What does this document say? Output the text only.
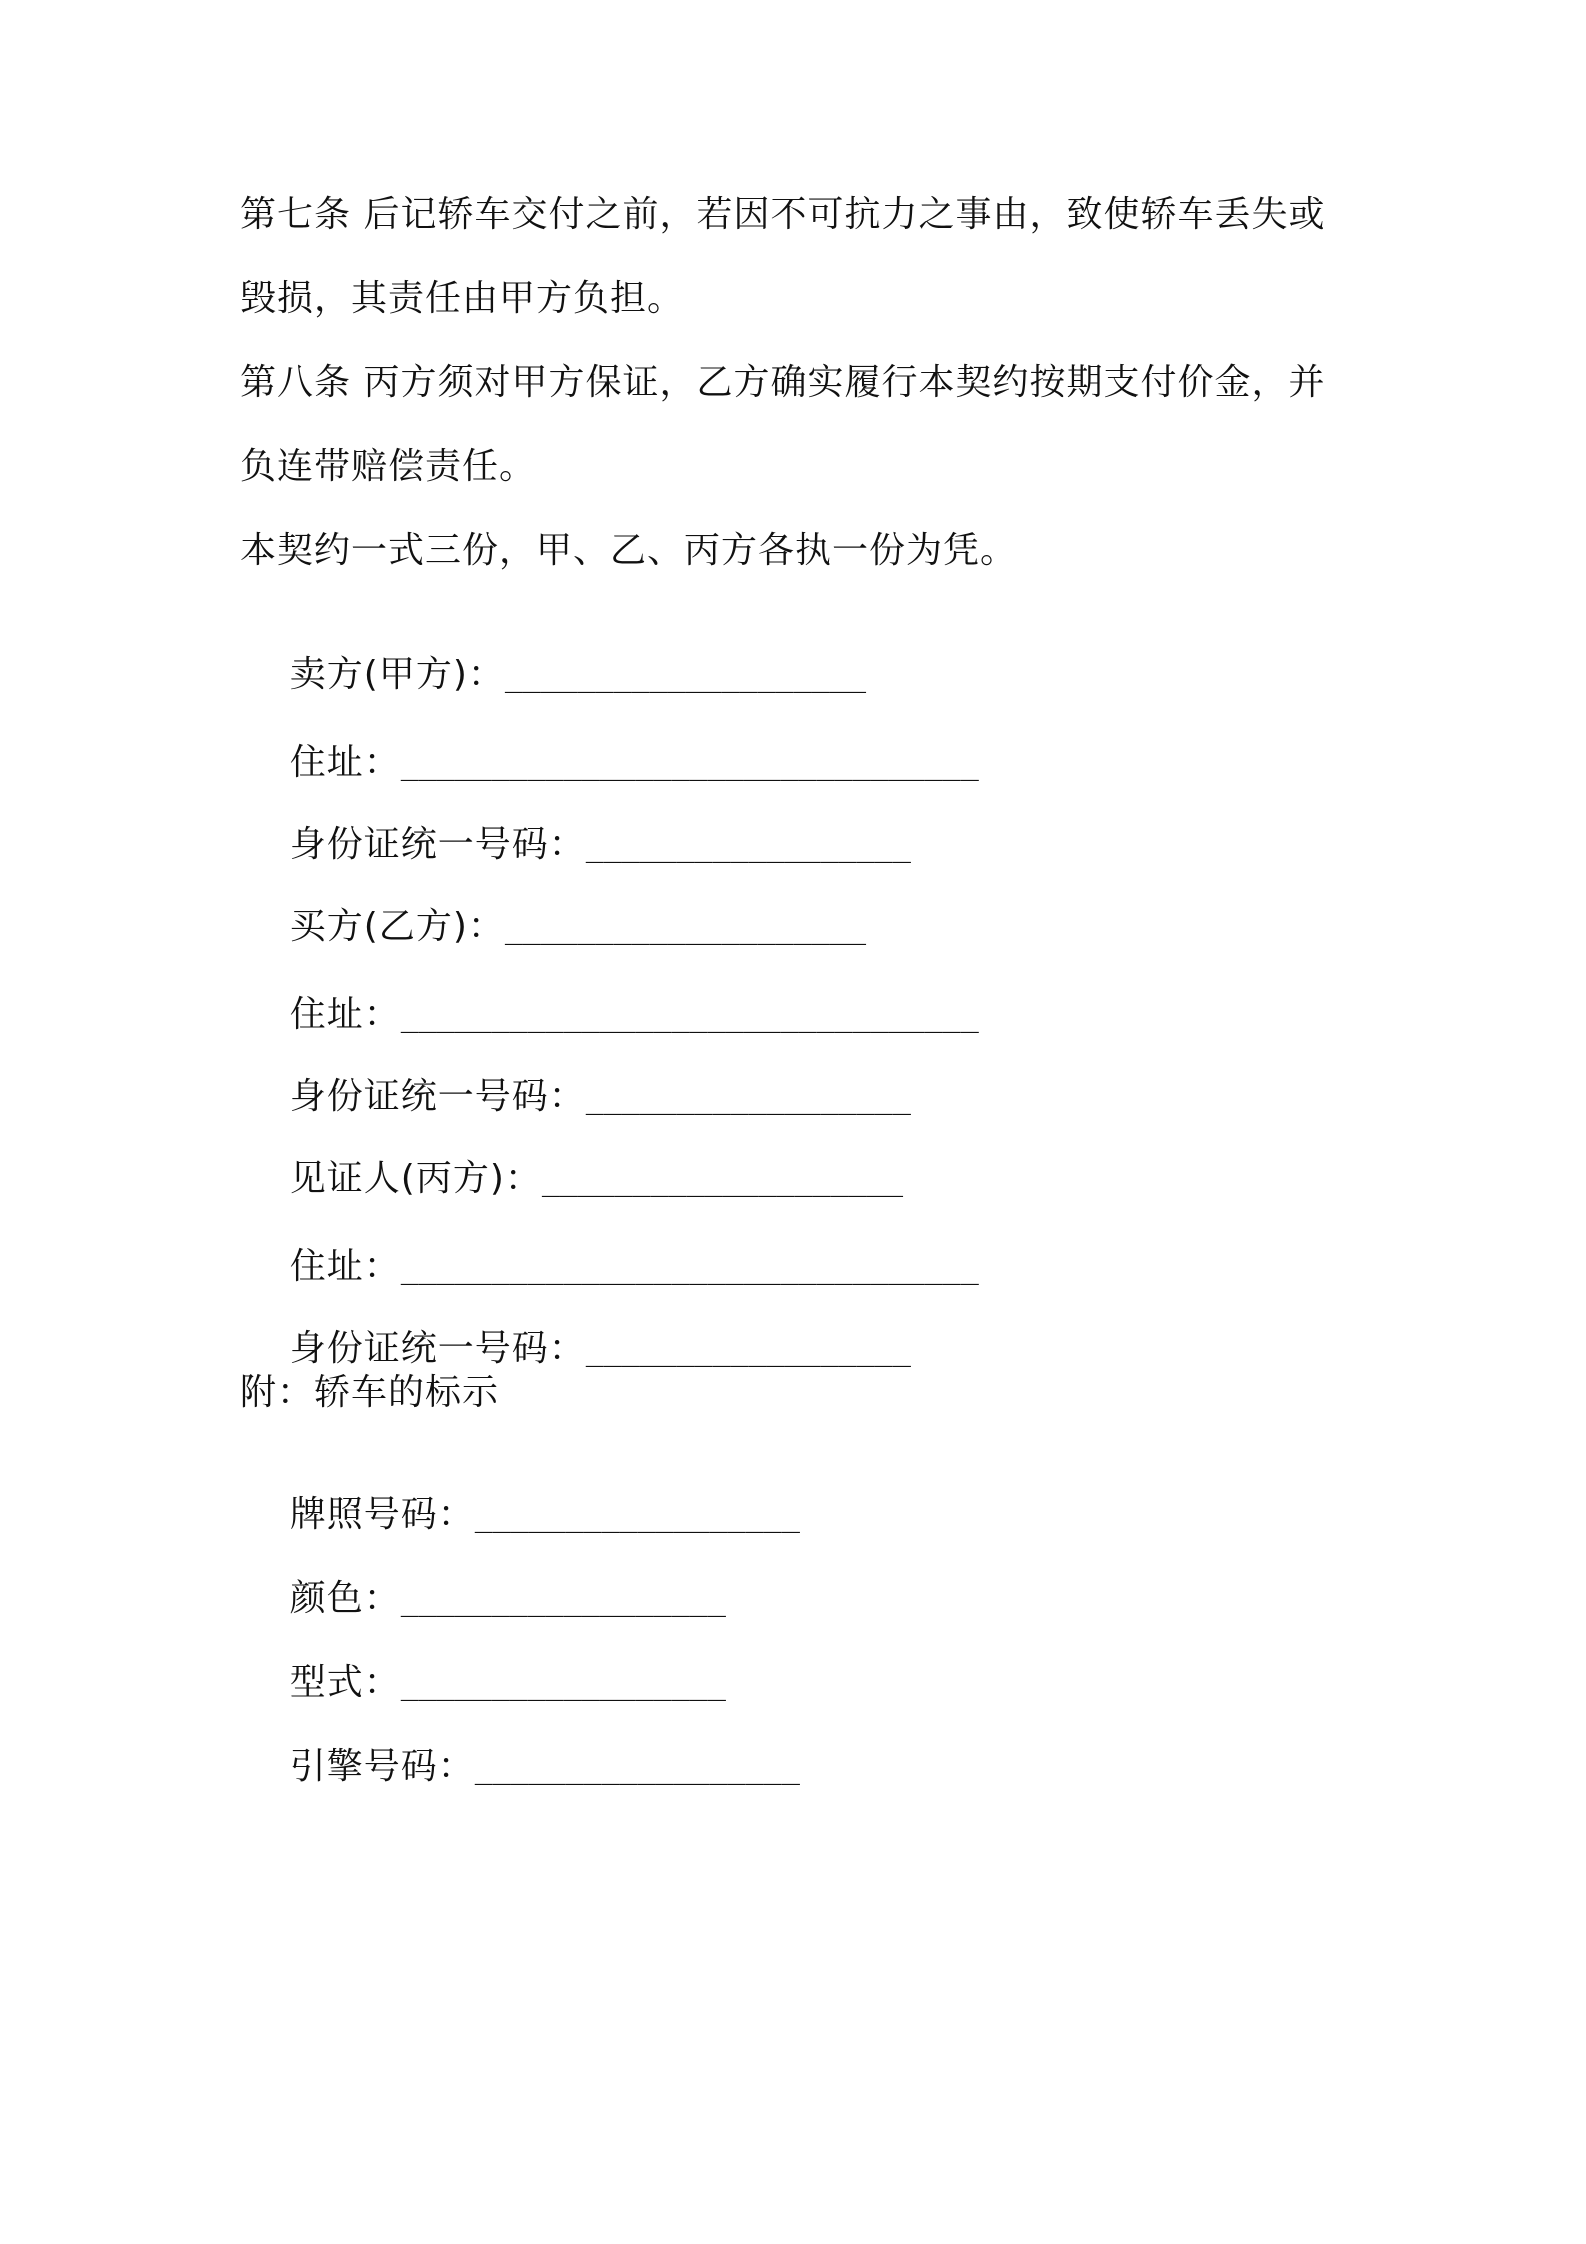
第七条 后记轿车交付之前，若因不可抗力之事由，致使轿车丢失或

毁损，其责任由甲方负担。

第八条 丙方须对甲方保证，乙方确实履行本契约按期支付价金，并

负连带赔偿责任。

本契约一式三份，甲、乙、丙方各执一份为凭。

卖方(甲方)：____________________

住址：________________________________

身份证统一号码：__________________

买方(乙方)：____________________

住址：________________________________

身份证统一号码：__________________

见证人(丙方)：____________________

住址：________________________________

身份证统一号码：__________________

附：轿车的标示

牌照号码：__________________

颜色：__________________

型式：__________________

引擎号码：__________________
